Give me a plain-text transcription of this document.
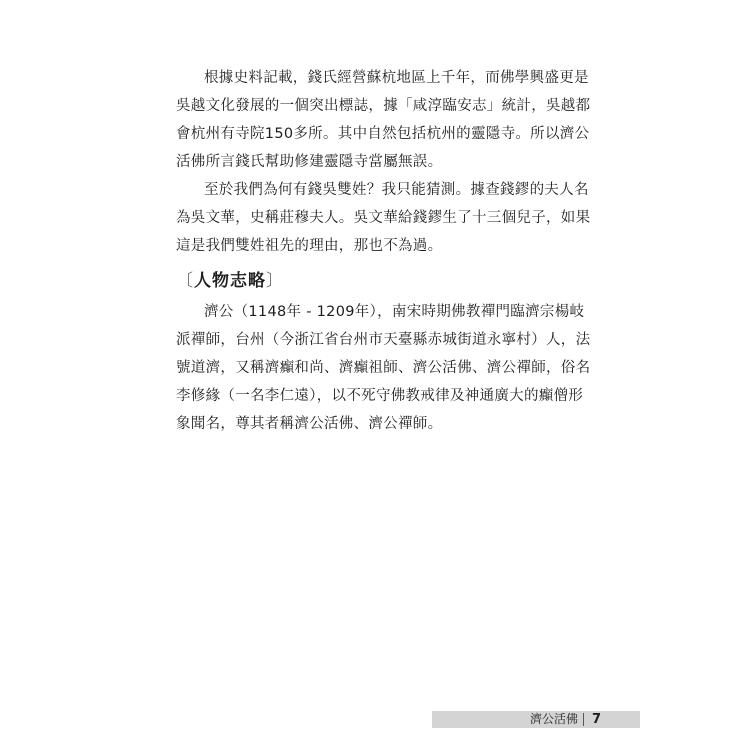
根據史料記載，錢氏經營蘇杭地區上千年，而佛學興盛更是
吳越文化發展的一個突出標誌，據「咸淳臨安志」統計，吳越都
會杭州有寺院150多所。其中自然包括杭州的靈隱寺。所以濟公
活佛所言錢氏幫助修建靈隱寺當屬無誤。
至於我們為何有錢吳雙姓？我只能猜測。據查錢鏐的夫人名
為吳文華，史稱莊穆夫人。吳文華給錢鏐生了十三個兒子，如果
這是我們雙姓祖先的理由，那也不為過。
〔人物志略〕
濟公（1148年 - 1209年），南宋時期佛教禪門臨濟宗楊岐
派禪師，台州（今浙江省台州市天臺縣赤城街道永寧村）人，法
號道濟，又稱濟癲和尚、濟癲祖師、濟公活佛、濟公禪師，俗名
李修緣（一名李仁遠），以不死守佛教戒律及神通廣大的癲僧形
象聞名，尊其者稱濟公活佛、濟公禪師。
濟公活佛 7
